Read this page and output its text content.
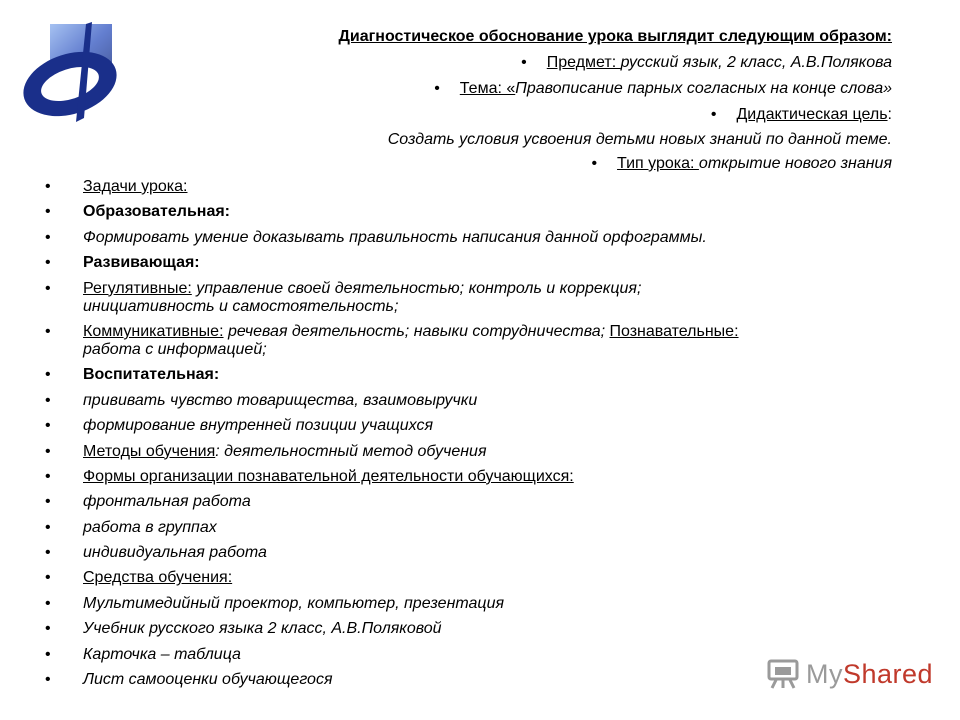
Диагностическое обоснование урока выглядит следующим образом:
• Предмет: русский язык, 2 класс, А.В.Полякова
• Тема: «Правописание парных согласных на конце слова»
• Дидактическая цель:
Создать условия усвоения детьми новых знаний по данной теме.
• Тип урока: открытие нового знания
• Задачи урока:
• Образовательная:
• Формировать умение доказывать правильность написания данной орфограммы.
• Развивающая:
• Регулятивные: управление своей деятельностью; контроль и коррекция;
инициативность и самостоятельность;
• Коммуникативные: речевая деятельность; навыки сотрудничества; Познавательные:
работа с информацией;
• Воспитательная:
• прививать чувство товарищества, взаимовыручки
• формирование внутренней позиции учащихся
• Методы обучения: деятельностный метод обучения
• Формы организации познавательной деятельности обучающихся:
• фронтальная работа
• работа в группах
• индивидуальная работа
• Средства обучения:
• Мультимедийный проектор, компьютер, презентация
• Учебник русского языка 2 класс, А.В.Поляковой
• Карточка – таблица
• Лист самооценки обучающегося	MyShared
